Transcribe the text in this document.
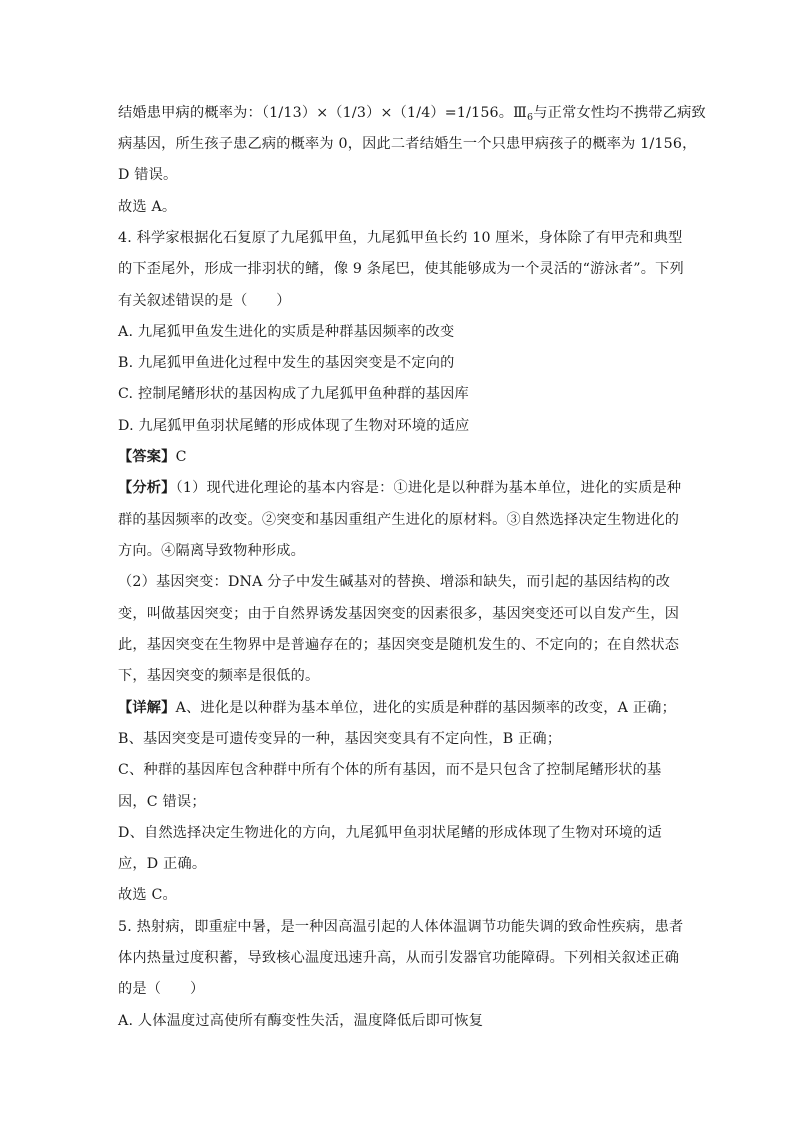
结婚患甲病的概率为：（1/13）×（1/3）×（1/4）=1/156。$Ⅲ_6$与正常女性均不携带乙病致
病基因，所生孩子患乙病的概率为 0，因此二者结婚生一个只患甲病孩子的概率为 1/156，
D 错误。
故选 A。
4. 科学家根据化石复原了九尾狐甲鱼，九尾狐甲鱼长约 10 厘米，身体除了有甲壳和典型
的下歪尾外，形成一排羽状的鳍，像 9 条尾巴，使其能够成为一个灵活的“游泳者”。下列
有关叙述错误的是（　　）
A. 九尾狐甲鱼发生进化的实质是种群基因频率的改变
B. 九尾狐甲鱼进化过程中发生的基因突变是不定向的
C. 控制尾鳍形状的基因构成了九尾狐甲鱼种群的基因库
D. 九尾狐甲鱼羽状尾鳍的形成体现了生物对环境的适应
【答案】C
【分析】（1）现代进化理论的基本内容是：①进化是以种群为基本单位，进化的实质是种
群的基因频率的改变。②突变和基因重组产生进化的原材料。③自然选择决定生物进化的
方向。④隔离导致物种形成。
（2）基因突变：DNA 分子中发生碱基对的替换、增添和缺失，而引起的基因结构的改
变，叫做基因突变；由于自然界诱发基因突变的因素很多，基因突变还可以自发产生，因
此，基因突变在生物界中是普遍存在的；基因突变是随机发生的、不定向的；在自然状态
下，基因突变的频率是很低的。
【详解】A、进化是以种群为基本单位，进化的实质是种群的基因频率的改变，A 正确；
B、基因突变是可遗传变异的一种，基因突变具有不定向性，B 正确；
C、种群的基因库包含种群中所有个体的所有基因，而不是只包含了控制尾鳍形状的基
因，C 错误；
D、自然选择决定生物进化的方向，九尾狐甲鱼羽状尾鳍的形成体现了生物对环境的适
应，D 正确。
故选 C。
5. 热射病，即重症中暑，是一种因高温引起的人体体温调节功能失调的致命性疾病，患者
体内热量过度积蓄，导致核心温度迅速升高，从而引发器官功能障碍。下列相关叙述正确
的是（　　）
A. 人体温度过高使所有酶变性失活，温度降低后即可恢复
